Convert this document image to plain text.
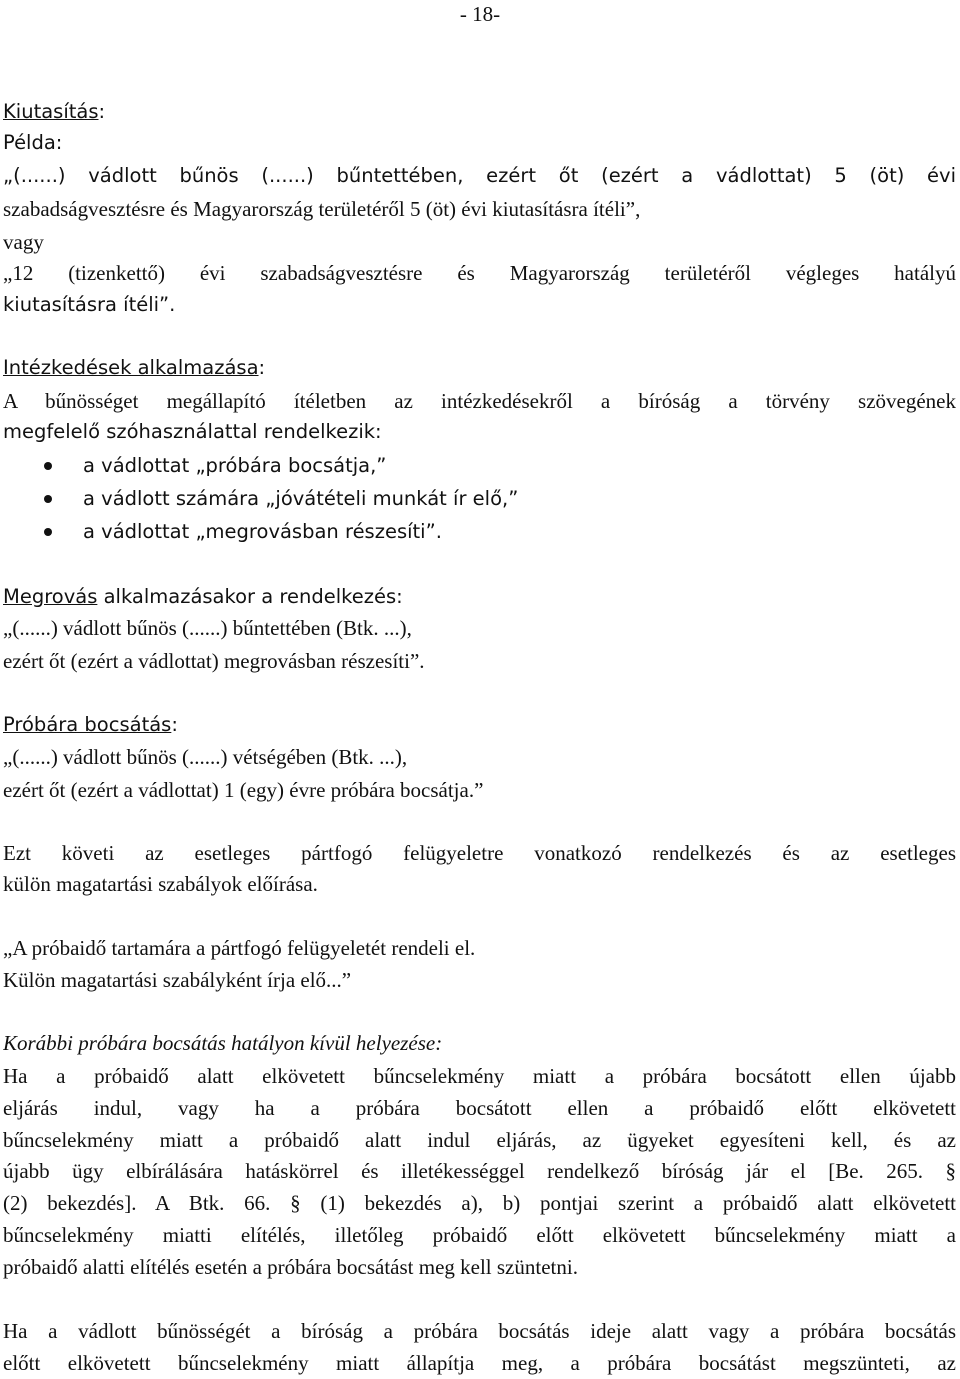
- 18-
Kiutasítás:
Példa:
„(......) vádlott bűnös (......) bűntettében, ezért őt (ezért a vádlottat) 5 (öt) évi
szabadságvesztésre és Magyarország területéről 5 (öt) évi kiutasításra ítéli”,
vagy
„12 (tizenkettő) évi szabadságvesztésre és Magyarország területéről végleges hatályú
kiutasításra ítéli”.
Intézkedések alkalmazása:
A bűnösséget megállapító ítéletben az intézkedésekről a bíróság a törvény szövegének
megfelelő szóhasználattal rendelkezik:
a vádlottat „próbára bocsátja,”
a vádlott számára „jóvátételi munkát ír elő,”
a vádlottat „megrovásban részesíti”.
Megrovás alkalmazásakor a rendelkezés:
„(......) vádlott bűnös (......) bűntettében (Btk. ...),
ezért őt (ezért a vádlottat) megrovásban részesíti”.
Próbára bocsátás:
„(......) vádlott bűnös (......) vétségében (Btk. ...),
ezért őt (ezért a vádlottat) 1 (egy) évre próbára bocsátja.”
Ezt követi az esetleges pártfogó felügyeletre vonatkozó rendelkezés és az esetleges
külön magatartási szabályok előírása.
„A próbaidő tartamára a pártfogó felügyeletét rendeli el.
Külön magatartási szabályként írja elő...”
Korábbi próbára bocsátás hatályon kívül helyezése:
Ha a próbaidő alatt elkövetett bűncselekmény miatt a próbára bocsátott ellen újabb
eljárás indul, vagy ha a próbára bocsátott ellen a próbaidő előtt elkövetett
bűncselekmény miatt a próbaidő alatt indul eljárás, az ügyeket egyesíteni kell, és az
újabb ügy elbírálására hatáskörrel és illetékességgel rendelkező bíróság jár el [Be. 265. §
(2) bekezdés]. A Btk. 66. § (1) bekezdés a), b) pontjai szerint a próbaidő alatt elkövetett
bűncselekmény miatti elítélés, illetőleg próbaidő előtt elkövetett bűncselekmény miatt a
próbaidő alatti elítélés esetén a próbára bocsátást meg kell szüntetni.
Ha a vádlott bűnösségét a bíróság a próbára bocsátás ideje alatt vagy a próbára bocsátás
előtt elkövetett bűncselekmény miatt állapítja meg, a próbára bocsátást megszünteti, az
